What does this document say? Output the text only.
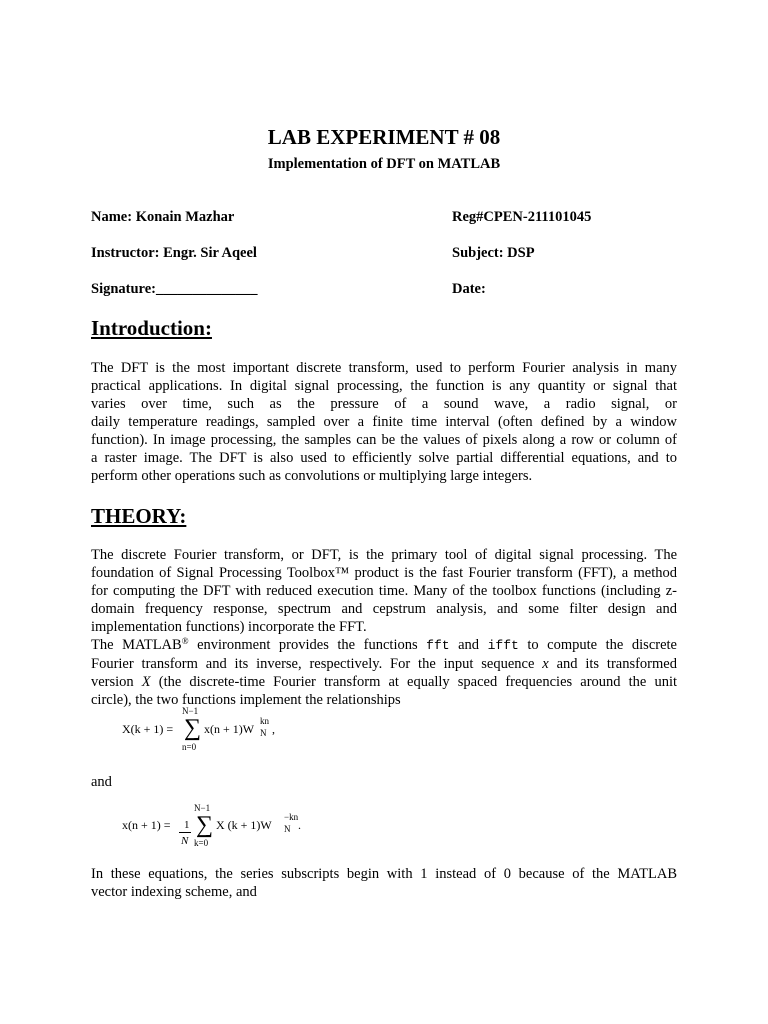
LAB EXPERIMENT # 08
Implementation of DFT on MATLAB
Name: Konain Mazhar	Reg#CPEN-211101045
Instructor: Engr. Sir Aqeel	Subject: DSP
Signature:______________	Date:
Introduction:
The DFT is the most important discrete transform, used to perform Fourier analysis in many
practical applications. In digital signal processing, the function is any quantity or signal that
varies over time, such as the pressure of a sound wave, a radio signal, or
daily temperature readings, sampled over a finite time interval (often defined by a window
function). In image processing, the samples can be the values of pixels along a row or column of
a raster image. The DFT is also used to efficiently solve partial differential equations, and to
perform other operations such as convolutions or multiplying large integers.
THEORY:
The discrete Fourier transform, or DFT, is the primary tool of digital signal processing. The
foundation of Signal Processing Toolbox™ product is the fast Fourier transform (FFT), a method
for computing the DFT with reduced execution time. Many of the toolbox functions (including z-
domain frequency response, spectrum and cepstrum analysis, and some filter design and
implementation functions) incorporate the FFT.
The MATLAB® environment provides the functions fft and ifft to compute the discrete
Fourier transform and its inverse, respectively. For the input sequence x and its transformed
version X (the discrete-time Fourier transform at equally spaced frequencies around the unit
circle), the two functions implement the relationships
X(k + 1) =
N−1
∑
n=0
x(n + 1)W
kn
N ,
and
x(n + 1) = 1
N
N−1
∑
k=0
X (k + 1)W
−kn
N .
In these equations, the series subscripts begin with 1 instead of 0 because of the MATLAB
vector indexing scheme, and
